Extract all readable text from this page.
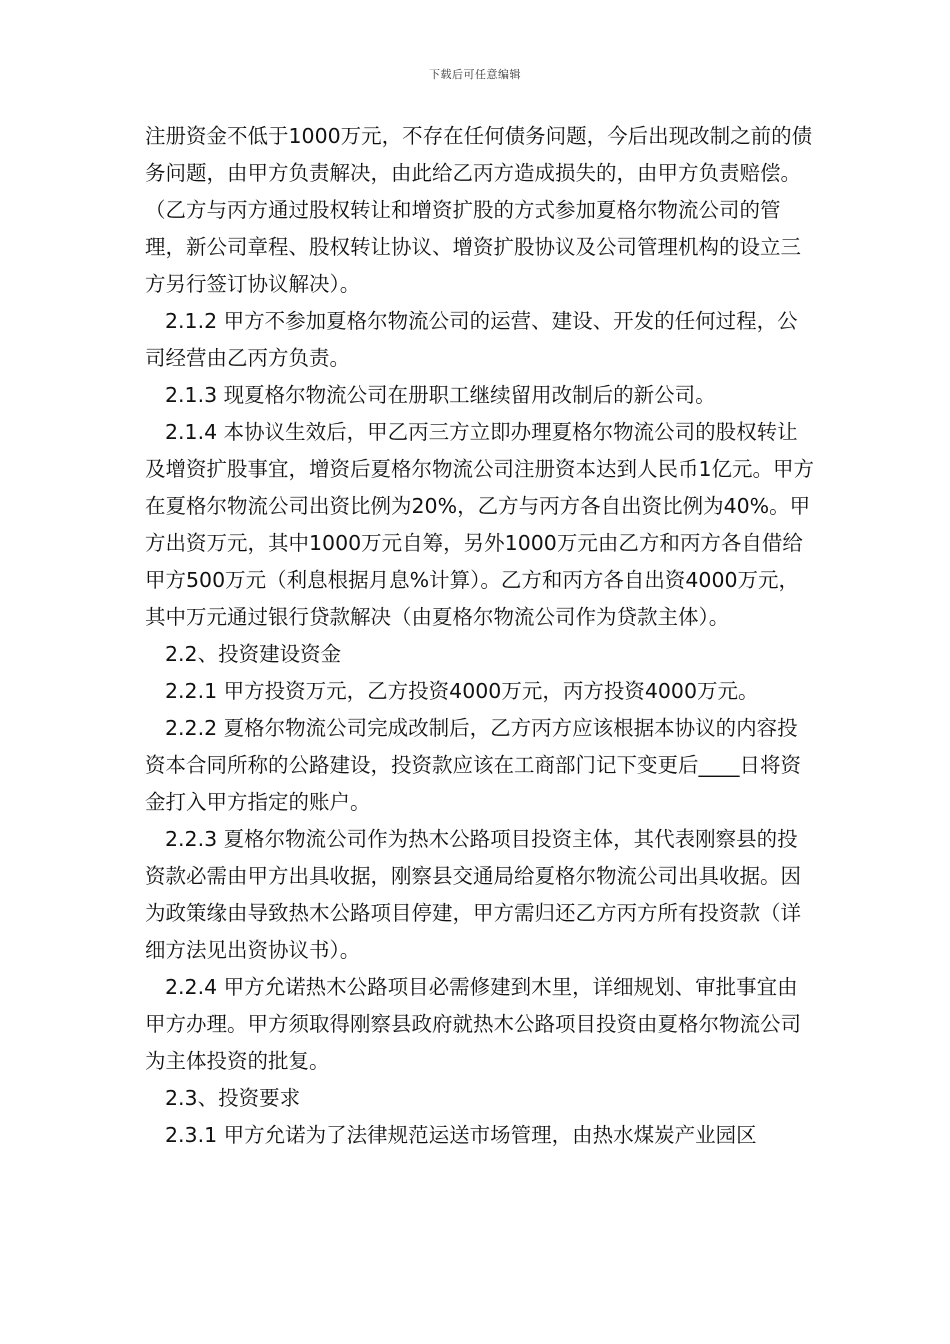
下载后可任意编辑

注册资金不低于1000万元，不存在任何债务问题，今后出现改制之前的债务问题，由甲方负责解决，由此给乙丙方造成损失的，由甲方负责赔偿。（乙方与丙方通过股权转让和增资扩股的方式参加夏格尔物流公司的管理，新公司章程、股权转让协议、增资扩股协议及公司管理机构的设立三方另行签订协议解决）。

2.1.2 甲方不参加夏格尔物流公司的运营、建设、开发的任何过程，公司经营由乙丙方负责。

2.1.3 现夏格尔物流公司在册职工继续留用改制后的新公司。

2.1.4 本协议生效后，甲乙丙三方立即办理夏格尔物流公司的股权转让及增资扩股事宜，增资后夏格尔物流公司注册资本达到人民币1亿元。甲方在夏格尔物流公司出资比例为20%，乙方与丙方各自出资比例为40%。甲方出资万元，其中1000万元自筹，另外1000万元由乙方和丙方各自借给甲方500万元（利息根据月息%计算）。乙方和丙方各自出资4000万元，其中万元通过银行贷款解决（由夏格尔物流公司作为贷款主体）。

2.2、投资建设资金

2.2.1 甲方投资万元，乙方投资4000万元，丙方投资4000万元。

2.2.2 夏格尔物流公司完成改制后，乙方丙方应该根据本协议的内容投资本合同所称的公路建设，投资款应该在工商部门记下变更后____日将资金打入甲方指定的账户。

2.2.3 夏格尔物流公司作为热木公路项目投资主体，其代表刚察县的投资款必需由甲方出具收据，刚察县交通局给夏格尔物流公司出具收据。因为政策缘由导致热木公路项目停建，甲方需归还乙方丙方所有投资款（详细方法见出资协议书）。

2.2.4 甲方允诺热木公路项目必需修建到木里，详细规划、审批事宜由甲方办理。甲方须取得刚察县政府就热木公路项目投资由夏格尔物流公司为主体投资的批复。

2.3、投资要求

2.3.1 甲方允诺为了法律规范运送市场管理，由热水煤炭产业园区
